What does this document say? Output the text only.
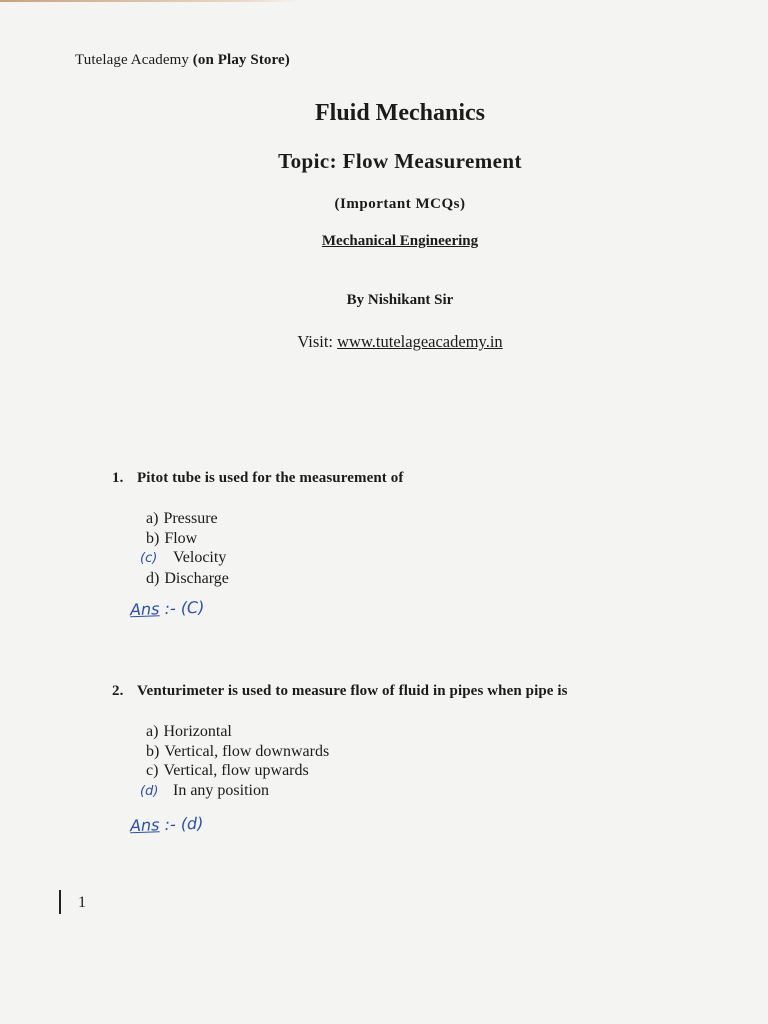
Tutelage Academy (on Play Store)
Fluid Mechanics
Topic: Flow Measurement
(Important MCQs)
Mechanical Engineering
By Nishikant Sir
Visit: www.tutelageacademy.in
1. Pitot tube is used for the measurement of
a) Pressure
b) Flow
(c) Velocity
d) Discharge
Ans :- (C)
2. Venturimeter is used to measure flow of fluid in pipes when pipe is
a) Horizontal
b) Vertical, flow downwards
c) Vertical, flow upwards
(d) In any position
Ans :- (d)
1
